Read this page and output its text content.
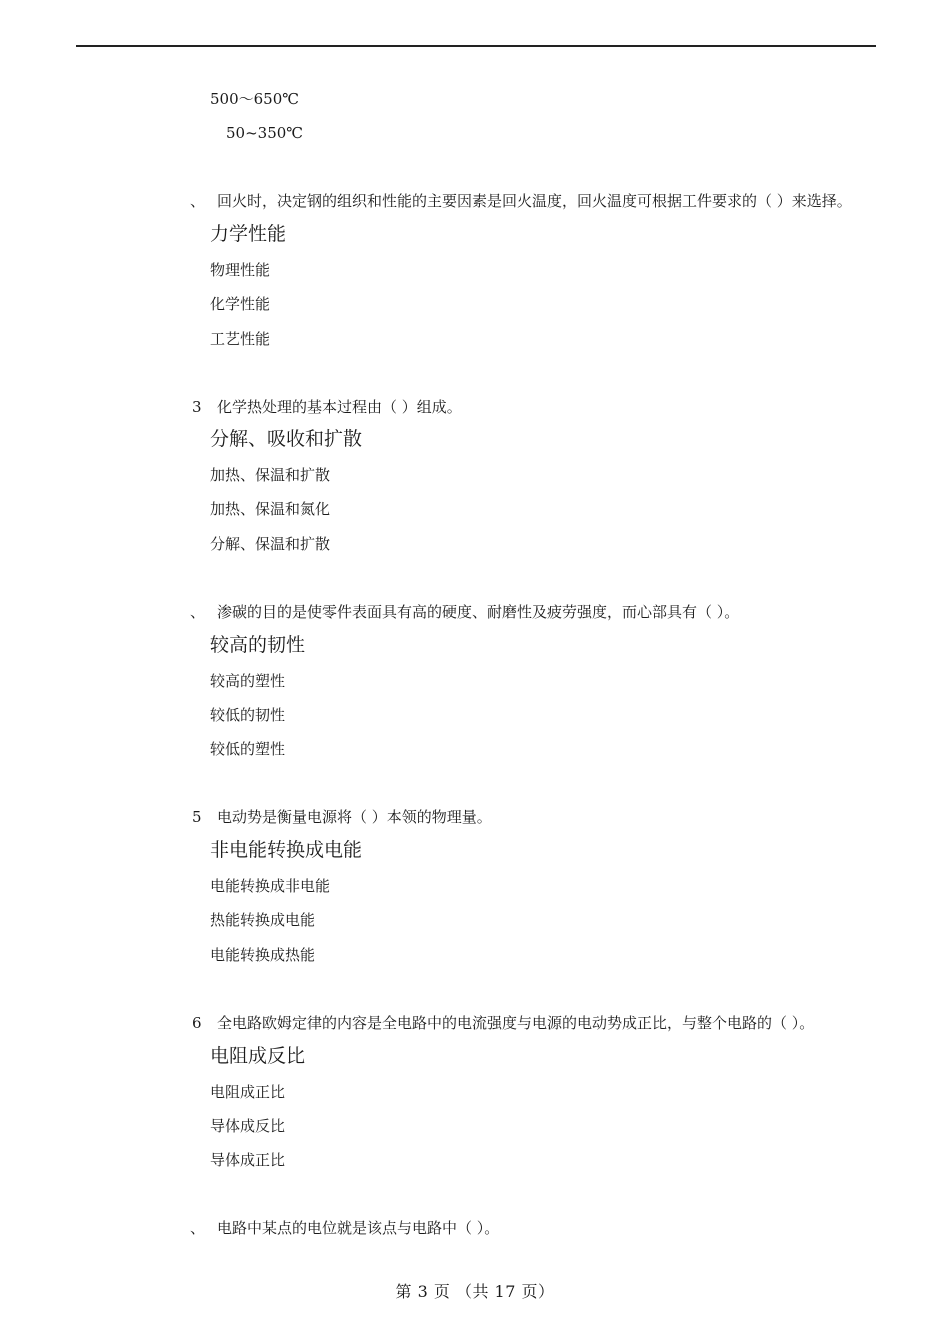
500～650℃
50~350℃
、 回火时，决定钢的组织和性能的主要因素是回火温度，回火温度可根据工件要求的（ ）来选择。
力学性能
物理性能
化学性能
工艺性能
3 化学热处理的基本过程由（ ）组成。
分解、吸收和扩散
加热、保温和扩散
加热、保温和氮化
分解、保温和扩散
、 渗碳的目的是使零件表面具有高的硬度、耐磨性及疲劳强度，而心部具有（ ）。
较高的韧性
较高的塑性
较低的韧性
较低的塑性
5 电动势是衡量电源将（ ）本领的物理量。
非电能转换成电能
电能转换成非电能
热能转换成电能
电能转换成热能
6 全电路欧姆定律的内容是全电路中的电流强度与电源的电动势成正比，与整个电路的（ ）。
电阻成反比
电阻成正比
导体成反比
导体成正比
、 电路中某点的电位就是该点与电路中（ ）。
第 3 页 （共 17 页）
